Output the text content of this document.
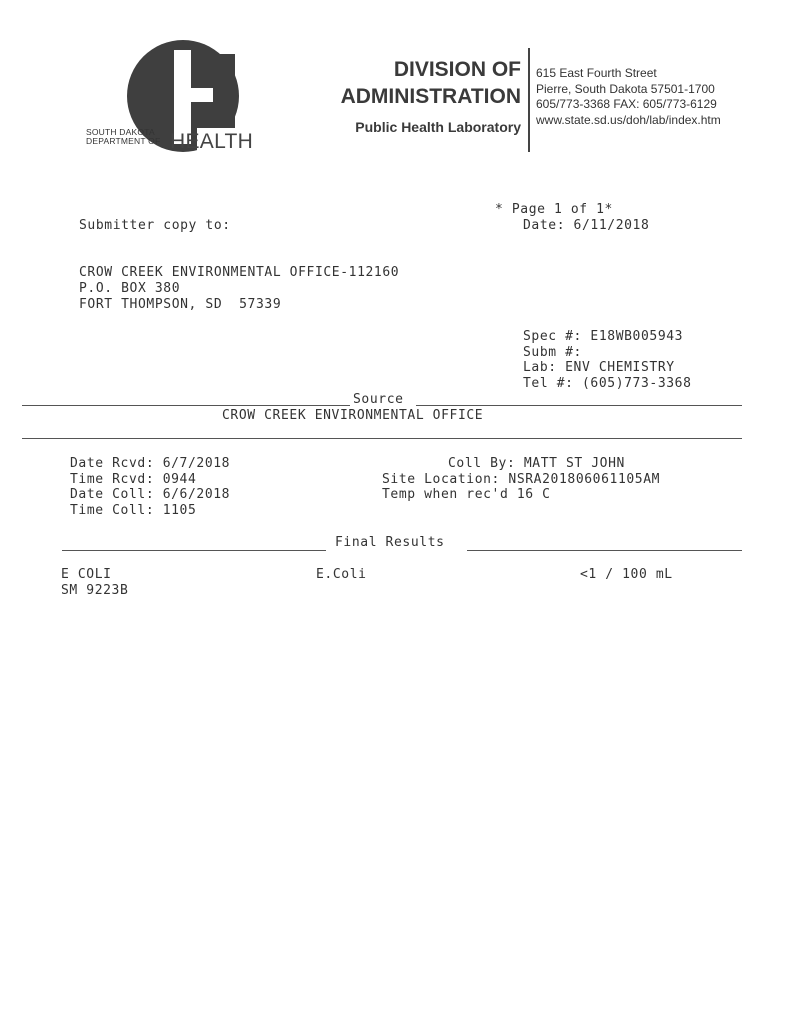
SOUTH DAKOTA
DEPARTMENT OF HEALTH
DIVISION OF
ADMINISTRATION
Public Health Laboratory
615 East Fourth Street
Pierre, South Dakota 57501-1700
605/773-3368 FAX: 605/773-6129
www.state.sd.us/doh/lab/index.htm
* Page 1 of 1*
Date: 6/11/2018
Submitter copy to:
CROW CREEK ENVIRONMENTAL OFFICE-112160
P.O. BOX 380
FORT THOMPSON, SD  57339
Spec #: E18WB005943
Subm #:
Lab: ENV CHEMISTRY
Tel #: (605)773-3368
Source
CROW CREEK ENVIRONMENTAL OFFICE
Date Rcvd: 6/7/2018
Time Rcvd: 0944
Date Coll: 6/6/2018
Time Coll: 1105
Coll By: MATT ST JOHN
Site Location: NSRA201806061105AM
Temp when rec'd 16 C
Final Results
E COLI
SM 9223B
E.Coli	<1 / 100 mL
